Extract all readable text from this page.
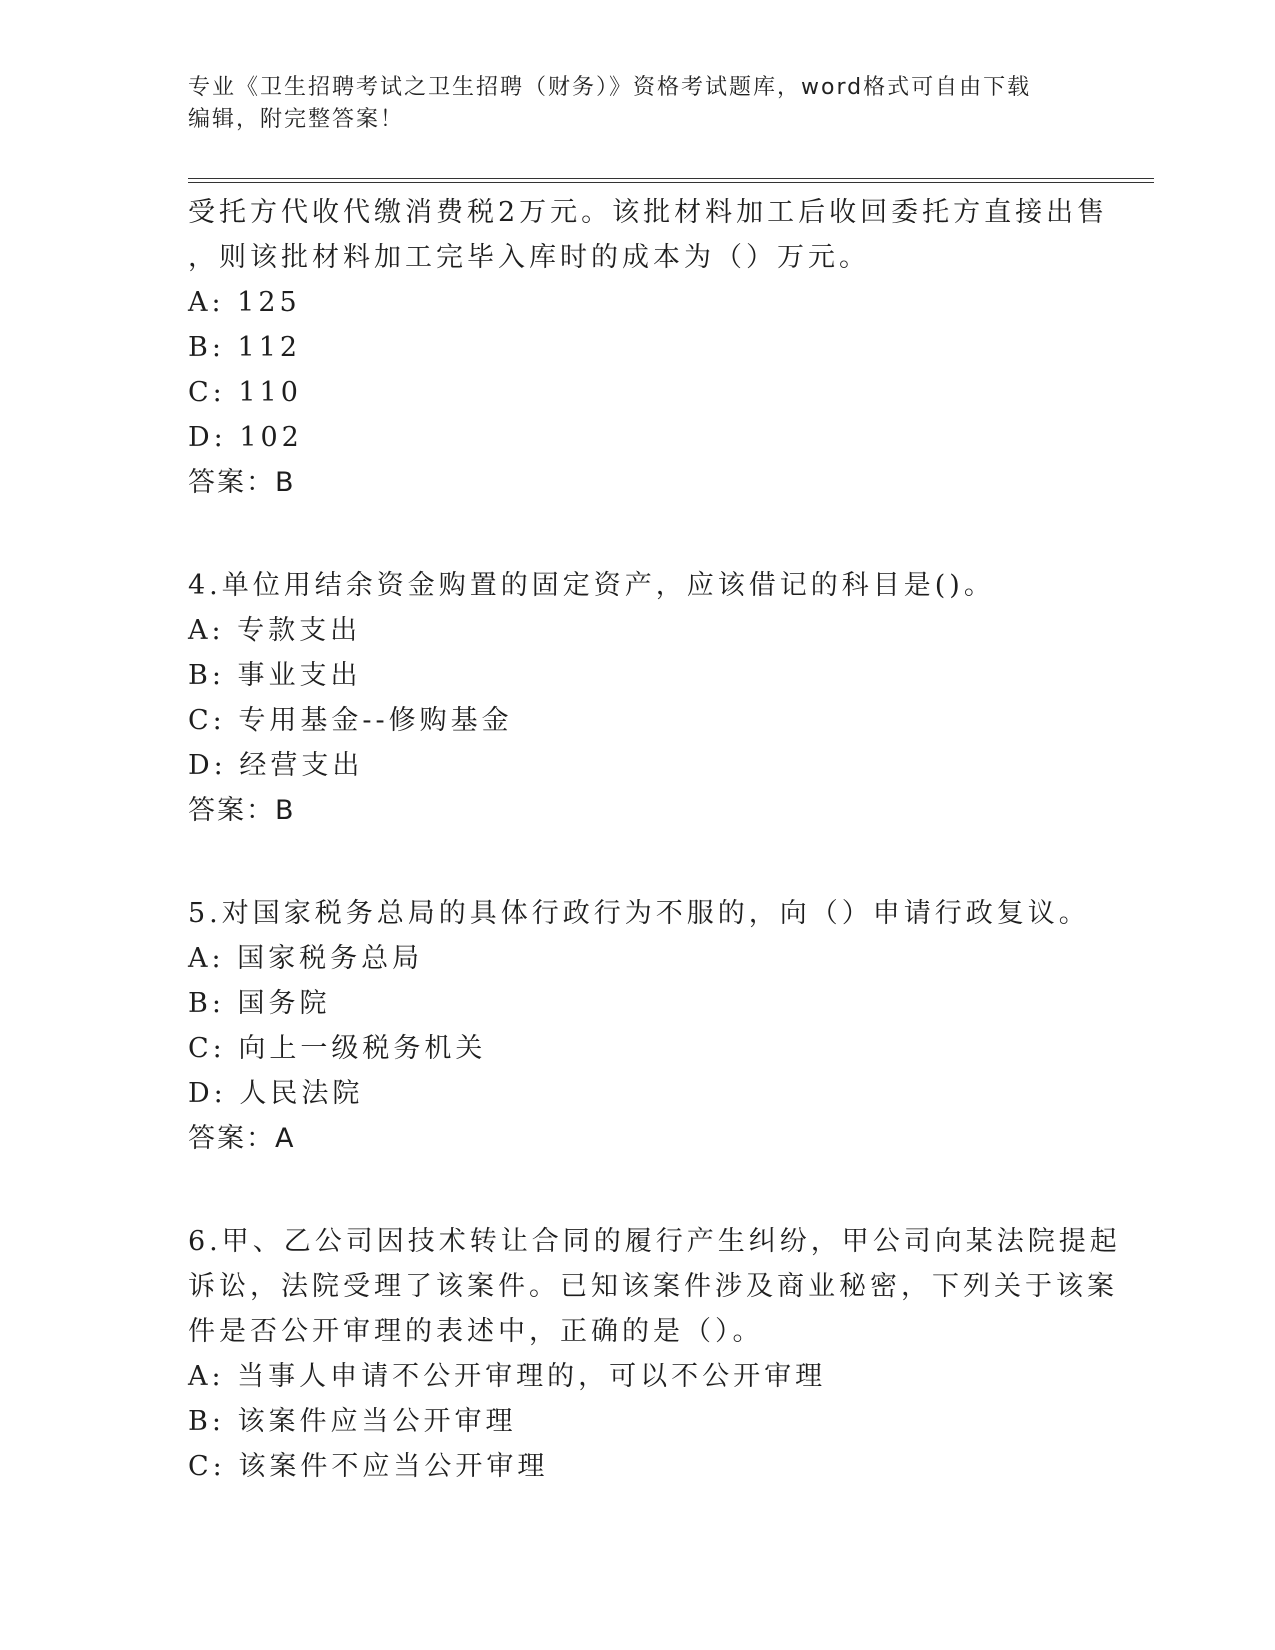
专业《卫生招聘考试之卫生招聘（财务）》资格考试题库，word格式可自由下载
编辑，附完整答案！
受托方代收代缴消费税2万元。该批材料加工后收回委托方直接出售
，则该批材料加工完毕入库时的成本为（）万元。
A: 125
B: 112
C: 110
D: 102
答案：B
4.单位用结余资金购置的固定资产，应该借记的科目是()。
A: 专款支出
B: 事业支出
C: 专用基金--修购基金
D: 经营支出
答案：B
5.对国家税务总局的具体行政行为不服的，向（）申请行政复议。
A: 国家税务总局
B: 国务院
C: 向上一级税务机关
D: 人民法院
答案：A
6.甲、乙公司因技术转让合同的履行产生纠纷，甲公司向某法院提起
诉讼，法院受理了该案件。已知该案件涉及商业秘密，下列关于该案
件是否公开审理的表述中，正确的是（）。
A: 当事人申请不公开审理的，可以不公开审理
B: 该案件应当公开审理
C: 该案件不应当公开审理
